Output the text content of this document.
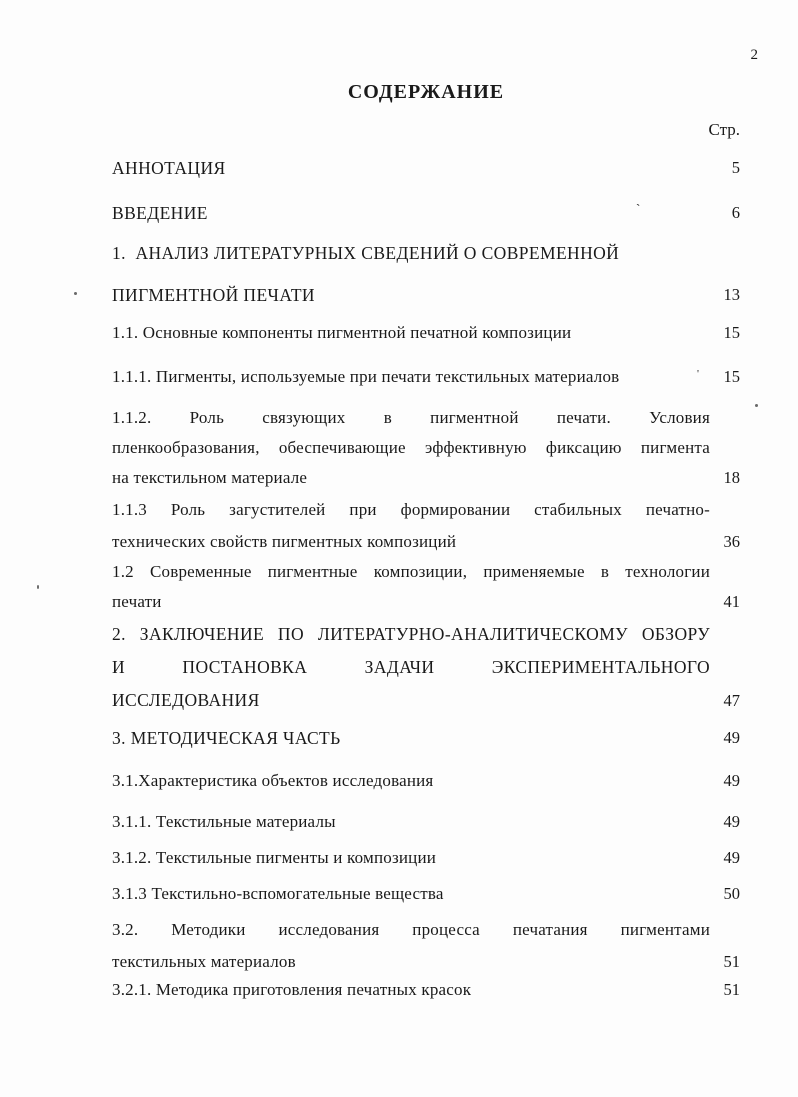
2
СОДЕРЖАНИЕ
Стр.
АННОТАЦИЯ	5
ВВЕДЕНИЕ	`	6
1.  АНАЛИЗ ЛИТЕРАТУРНЫХ СВЕДЕНИЙ О СОВРЕМЕННОЙ
ПИГМЕНТНОЙ ПЕЧАТИ	13
1.1. Основные компоненты пигментной печатной композиции	15
1.1.1. Пигменты, используемые при печати текстильных материалов	'	15
1.1.2. Роль связующих в пигментной печати. Условия
пленкообразования, обеспечивающие эффективную фиксацию пигмента
на текстильном материале	18
1.1.3 Роль загустителей при формировании стабильных печатно-
технических свойств пигментных композиций	36
1.2 Современные пигментные композиции, применяемые в технологии
печати	41
2. ЗАКЛЮЧЕНИЕ ПО ЛИТЕРАТУРНО-АНАЛИТИЧЕСКОМУ ОБЗОРУ
И ПОСТАНОВКА ЗАДАЧИ ЭКСПЕРИМЕНТАЛЬНОГО
ИССЛЕДОВАНИЯ	47
3. МЕТОДИЧЕСКАЯ ЧАСТЬ	49
3.1.Характеристика объектов исследования	49
3.1.1. Текстильные материалы	49
3.1.2. Текстильные пигменты и композиции	49
3.1.3 Текстильно-вспомогательные вещества	50
3.2. Методики исследования процесса печатания пигментами
текстильных материалов	51
3.2.1. Методика приготовления печатных красок	51
